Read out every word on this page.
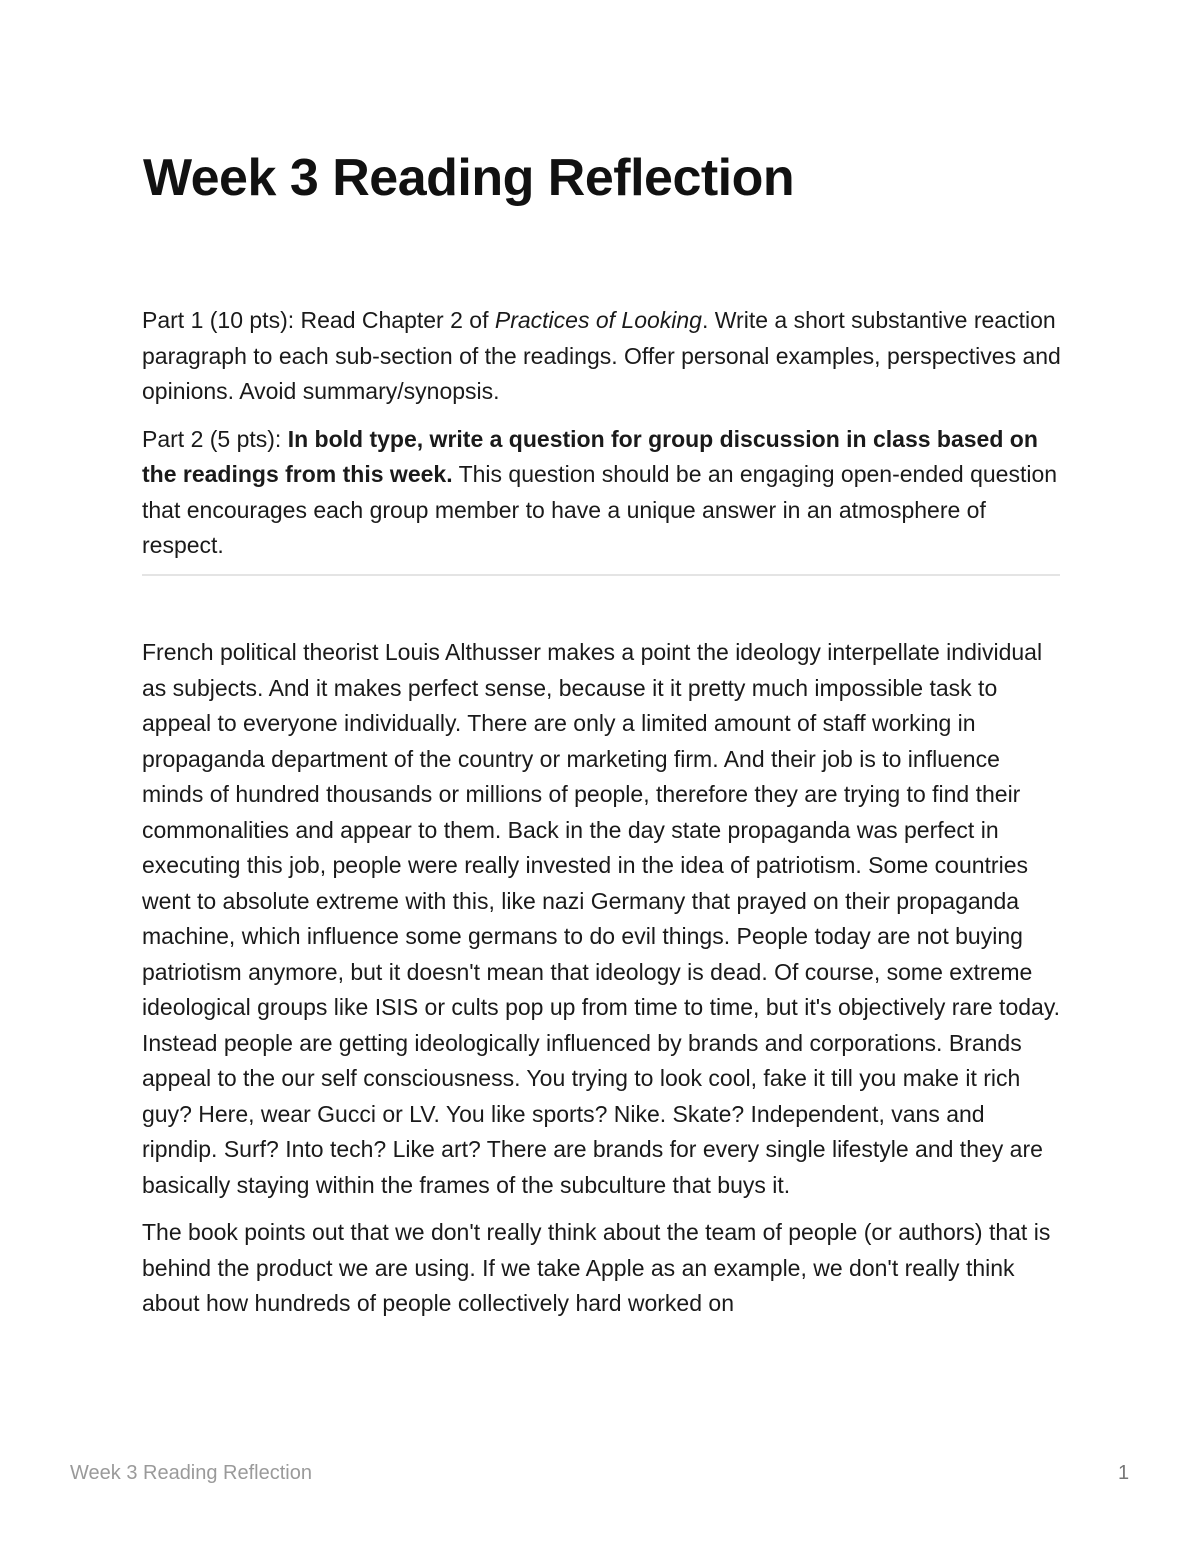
Week 3 Reading Reflection

Part 1 (10 pts): Read Chapter 2 of Practices of Looking. Write a short substantive reaction paragraph to each sub-section of the readings. Offer personal examples, perspectives and opinions. Avoid summary/synopsis.

Part 2 (5 pts): In bold type, write a question for group discussion in class based on the readings from this week. This question should be an engaging open-ended question that encourages each group member to have a unique answer in an atmosphere of respect.

French political theorist Louis Althusser makes a point the ideology interpellate individual as subjects. And it makes perfect sense, because it it pretty much impossible task to appeal to everyone individually. There are only a limited amount of staff working in propaganda department of the country or marketing firm. And their job is to influence minds of hundred thousands or millions of people, therefore they are trying to find their commonalities and appear to them. Back in the day state propaganda was perfect in executing this job, people were really invested in the idea of patriotism. Some countries went to absolute extreme with this, like nazi Germany that prayed on their propaganda machine, which influence some germans to do evil things. People today are not buying patriotism anymore, but it doesn't mean that ideology is dead. Of course, some extreme ideological groups like ISIS or cults pop up from time to time, but it's objectively rare today. Instead people are getting ideologically influenced by brands and corporations. Brands appeal to the our self consciousness. You trying to look cool, fake it till you make it rich guy? Here, wear Gucci or LV. You like sports? Nike. Skate? Independent, vans and ripndip. Surf? Into tech? Like art? There are brands for every single lifestyle and they are basically staying within the frames of the subculture that buys it.

The book points out that we don't really think about the team of people (or authors) that is behind the product we are using. If we take Apple as an example, we don't really think about how hundreds of people collectively hard worked on

Week 3 Reading Reflection	1
